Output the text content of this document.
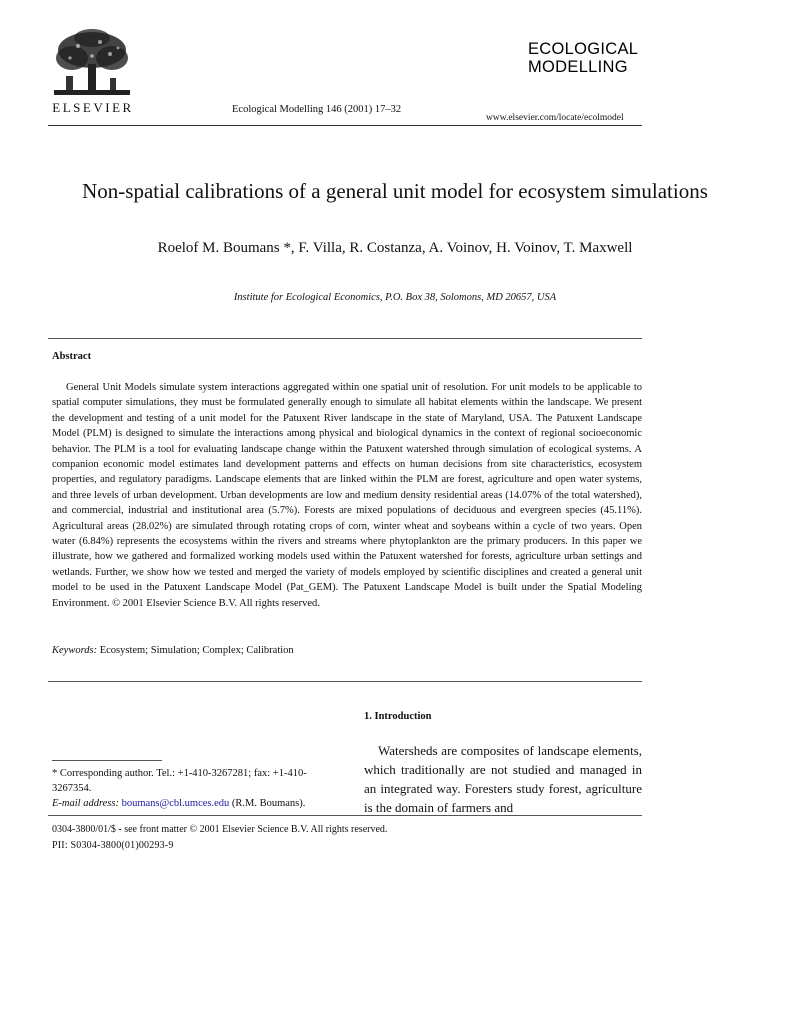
ELSEVIER	Ecological Modelling 146 (2001) 17–32
ECOLOGICAL
MODELLING
www.elsevier.com/locate/ecolmodel
Non-spatial calibrations of a general unit model for ecosystem simulations
Roelof M. Boumans *, F. Villa, R. Costanza, A. Voinov, H. Voinov, T. Maxwell
Institute for Ecological Economics, P.O. Box 38, Solomons, MD 20657, USA
Abstract

General Unit Models simulate system interactions aggregated within one spatial unit of resolution. For unit models to be applicable to spatial computer simulations, they must be formulated generally enough to simulate all habitat elements within the landscape. We present the development and testing of a unit model for the Patuxent River landscape in the state of Maryland, USA. The Patuxent Landscape Model (PLM) is designed to simulate the interactions among physical and biological dynamics in the context of regional socioeconomic behavior. The PLM is a tool for evaluating landscape change within the Patuxent watershed through simulation of ecological systems. A companion economic model estimates land development patterns and effects on human decisions from site characteristics, ecosystem properties, and regulatory paradigms. Landscape elements that are linked within the PLM are forest, agriculture and open water systems, and three levels of urban development. Urban developments are low and medium density residential areas (14.07% of the total watershed), and commercial, industrial and institutional area (5.7%). Forests are mixed populations of deciduous and evergreen species (45.11%). Agricultural areas (28.02%) are simulated through rotating crops of corn, winter wheat and soybeans within a cycle of two years. Open water (6.84%) represents the ecosystems within the rivers and streams where phytoplankton are the primary producers. In this paper we illustrate, how we gathered and formalized working models used within the Patuxent watershed for forests, agriculture urban settings and wetlands. Further, we show how we tested and merged the variety of models employed by scientific disciplines and created a general unit model to be used in the Patuxent Landscape Model (Pat_GEM). The Patuxent Landscape Model is built under the Spatial Modeling Environment. © 2001 Elsevier Science B.V. All rights reserved.

Keywords: Ecosystem; Simulation; Complex; Calibration
1. Introduction

Watersheds are composites of landscape elements, which traditionally are not studied and managed in an integrated way. Foresters study forest, agriculture is the domain of farmers and

* Corresponding author. Tel.: +1-410-3267281; fax: +1-410-3267354.
E-mail address: boumans@cbl.umces.edu (R.M. Boumans).
0304-3800/01/$ - see front matter © 2001 Elsevier Science B.V. All rights reserved.
PII: S0304-3800(01)00293-9
